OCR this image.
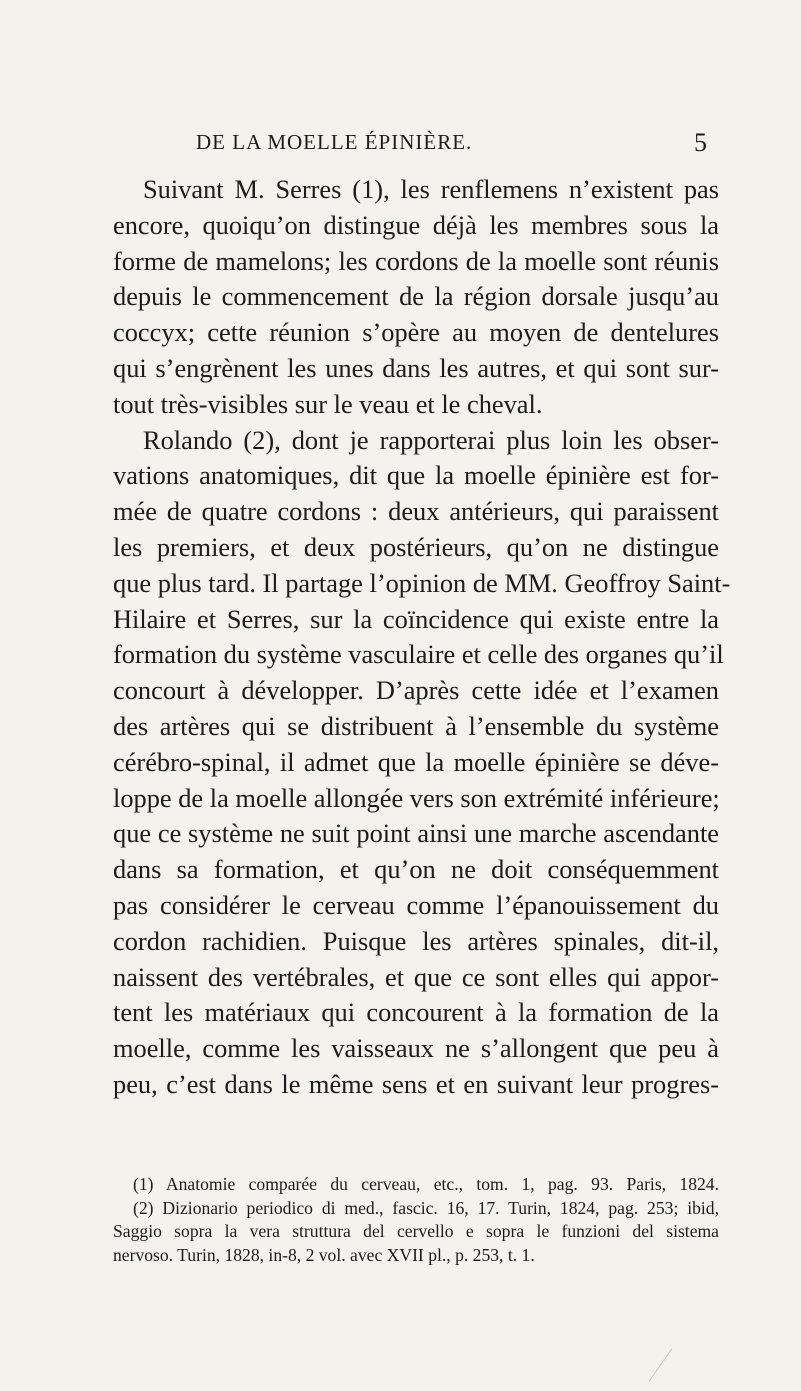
DE LA MOELLE ÉPINIÈRE.	5
Suivant M. Serres (1), les renflemens n’existent pas
encore, quoiqu’on distingue déjà les membres sous la
forme de mamelons; les cordons de la moelle sont réunis
depuis le commencement de la région dorsale jusqu’au
coccyx; cette réunion s’opère au moyen de dentelures
qui s’engrènent les unes dans les autres, et qui sont sur-
tout très-visibles sur le veau et le cheval.
Rolando (2), dont je rapporterai plus loin les obser-
vations anatomiques, dit que la moelle épinière est for-
mée de quatre cordons : deux antérieurs, qui paraissent
les premiers, et deux postérieurs, qu’on ne distingue
que plus tard. Il partage l’opinion de MM. Geoffroy Saint-
Hilaire et Serres, sur la coïncidence qui existe entre la
formation du système vasculaire et celle des organes qu’il
concourt à développer. D’après cette idée et l’examen
des artères qui se distribuent à l’ensemble du système
cérébro-spinal, il admet que la moelle épinière se déve-
loppe de la moelle allongée vers son extrémité inférieure;
que ce système ne suit point ainsi une marche ascendante
dans sa formation, et qu’on ne doit conséquemment
pas considérer le cerveau comme l’épanouissement du
cordon rachidien. Puisque les artères spinales, dit-il,
naissent des vertébrales, et que ce sont elles qui appor-
tent les matériaux qui concourent à la formation de la
moelle, comme les vaisseaux ne s’allongent que peu à
peu, c’est dans le même sens et en suivant leur progres-
(1) Anatomie comparée du cerveau, etc., tom. 1, pag. 93. Paris, 1824.
(2) Dizionario periodico di med., fascic. 16, 17. Turin, 1824, pag. 253; ibid,
Saggio sopra la vera struttura del cervello e sopra le funzioni del sistema
nervoso. Turin, 1828, in-8, 2 vol. avec XVII pl., p. 253, t. 1.
